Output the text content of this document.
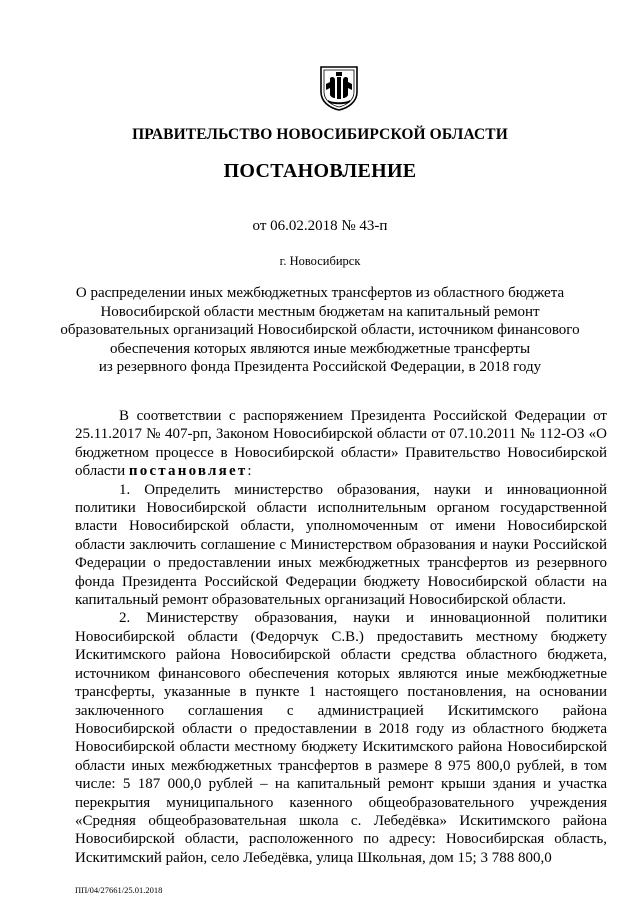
ПРАВИТЕЛЬСТВО НОВОСИБИРСКОЙ ОБЛАСТИ
ПОСТАНОВЛЕНИЕ
от 06.02.2018 № 43-п
г. Новосибирск
О распределении иных межбюджетных трансфертов из областного бюджета
Новосибирской области местным бюджетам на капитальный ремонт
образовательных организаций Новосибирской области, источником финансового
обеспечения которых являются иные межбюджетные трансферты
из резервного фонда Президента Российской Федерации, в 2018 году

В соответствии с распоряжением Президента Российской Федерации от 25.11.2017 № 407-рп, Законом Новосибирской области от 07.10.2011 № 112-ОЗ «О бюджетном процессе в Новосибирской области» Правительство Новосибирской области постановляет:

1. Определить министерство образования, науки и инновационной политики Новосибирской области исполнительным органом государственной власти Новосибирской области, уполномоченным от имени Новосибирской области заключить соглашение с Министерством образования и науки Российской Федерации о предоставлении иных межбюджетных трансфертов из резервного фонда Президента Российской Федерации бюджету Новосибирской области на капитальный ремонт образовательных организаций Новосибирской области.

2. Министерству образования, науки и инновационной политики Новосибирской области (Федорчук С.В.) предоставить местному бюджету Искитимского района Новосибирской области средства областного бюджета, источником финансового обеспечения которых являются иные межбюджетные трансферты, указанные в пункте 1 настоящего постановления, на основании заключенного соглашения с администрацией Искитимского района Новосибирской области о предоставлении в 2018 году из областного бюджета Новосибирской области местному бюджету Искитимского района Новосибирской области иных межбюджетных трансфертов в размере 8 975 800,0 рублей, в том числе: 5 187 000,0 рублей – на капитальный ремонт крыши здания и участка перекрытия муниципального казенного общеобразовательного учреждения «Средняя общеобразовательная школа с. Лебедёвка» Искитимского района Новосибирской области, расположенного по адресу: Новосибирская область, Искитимский район, село Лебедёвка, улица Школьная, дом 15; 3 788 800,0

ПП/04/27661/25.01.2018
